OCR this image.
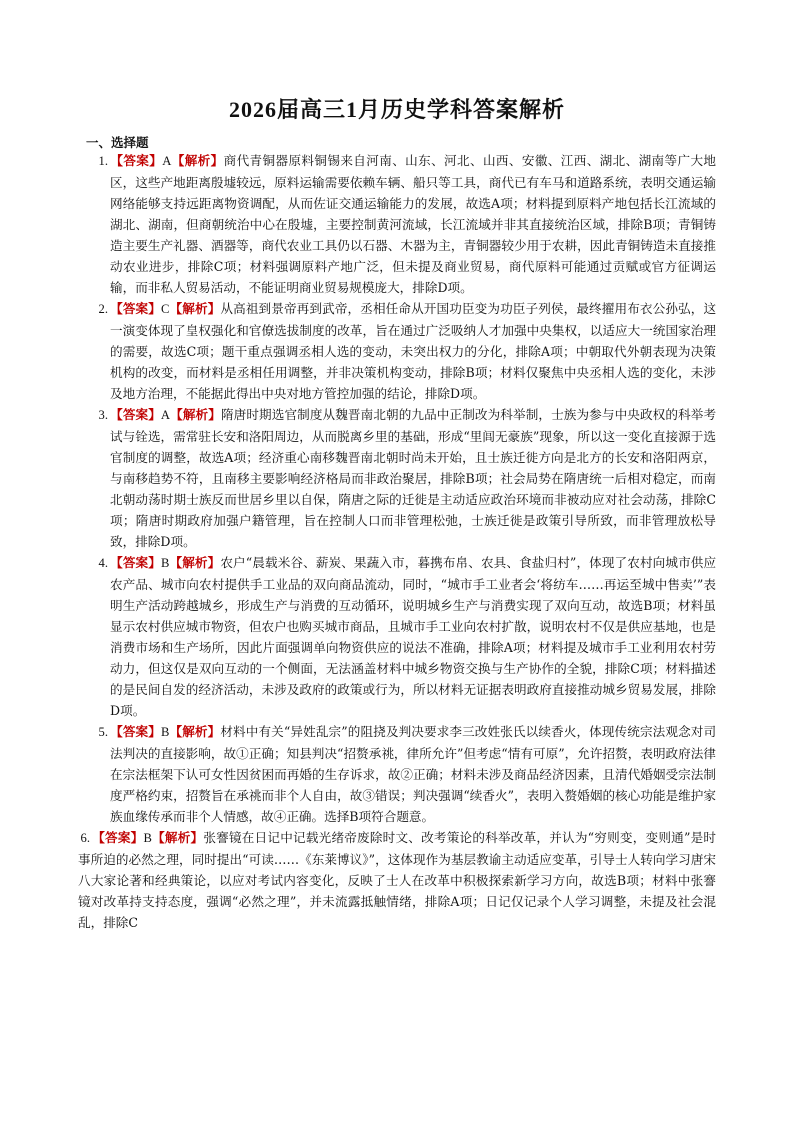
2026届高三1月历史学科答案解析
一、选择题

1. 【答案】A【解析】商代青铜器原料铜锡来自河南、山东、河北、山西、安徽、江西、湖北、湖南等广大地区，这些产地距离殷墟较远，原料运输需要依赖车辆、船只等工具，商代已有车马和道路系统，表明交通运输网络能够支持远距离物资调配，从而佐证交通运输能力的发展，故选A项；材料提到原料产地包括长江流域的湖北、湖南，但商朝统治中心在殷墟，主要控制黄河流域，长江流域并非其直接统治区域，排除B项；青铜铸造主要生产礼器、酒器等，商代农业工具仍以石器、木器为主，青铜器较少用于农耕，因此青铜铸造未直接推动农业进步，排除C项；材料强调原料产地广泛，但未提及商业贸易，商代原料可能通过贡赋或官方征调运输，而非私人贸易活动，不能证明商业贸易规模庞大，排除D项。

2. 【答案】C【解析】从高祖到景帝再到武帝，丞相任命从开国功臣变为功臣子列侯，最终擢用布衣公孙弘，这一演变体现了皇权强化和官僚选拔制度的改革，旨在通过广泛吸纳人才加强中央集权，以适应大一统国家治理的需要，故选C项；题干重点强调丞相人选的变动，未突出权力的分化，排除A项；中朝取代外朝表现为决策机构的改变，而材料是丞相任用调整，并非决策机构变动，排除B项；材料仅聚焦中央丞相人选的变化，未涉及地方治理，不能据此得出中央对地方管控加强的结论，排除D项。

3. 【答案】A【解析】隋唐时期选官制度从魏晋南北朝的九品中正制改为科举制，士族为参与中央政权的科举考试与铨选，需常驻长安和洛阳周边，从而脱离乡里的基础，形成“里闾无豪族”现象，所以这一变化直接源于选官制度的调整，故选A项；经济重心南移魏晋南北朝时尚未开始，且士族迁徙方向是北方的长安和洛阳两京，与南移趋势不符，且南移主要影响经济格局而非政治聚居，排除B项；社会局势在隋唐统一后相对稳定，而南北朝动荡时期士族反而世居乡里以自保，隋唐之际的迁徙是主动适应政治环境而非被动应对社会动荡，排除C项；隋唐时期政府加强户籍管理，旨在控制人口而非管理松弛，士族迁徙是政策引导所致，而非管理放松导致，排除D项。

4. 【答案】B【解析】农户“晨载米谷、薪炭、果蔬入市，暮携布帛、农具、食盐归村”，体现了农村向城市供应农产品、城市向农村提供手工业品的双向商品流动，同时，“城市手工业者会‘将纺车……再运至城中售卖’”表明生产活动跨越城乡，形成生产与消费的互动循环，说明城乡生产与消费实现了双向互动，故选B项；材料虽显示农村供应城市物资，但农户也购买城市商品，且城市手工业向农村扩散，说明农村不仅是供应基地，也是消费市场和生产场所，因此片面强调单向物资供应的说法不准确，排除A项；材料提及城市手工业利用农村劳动力，但这仅是双向互动的一个侧面，无法涵盖材料中城乡物资交换与生产协作的全貌，排除C项；材料描述的是民间自发的经济活动，未涉及政府的政策或行为，所以材料无证据表明政府直接推动城乡贸易发展，排除D项。

5. 【答案】B【解析】材料中有关“异姓乱宗”的阻挠及判决要求李三改姓张氏以续香火，体现传统宗法观念对司法判决的直接影响，故①正确；知县判决“招赘承祧，律所允许”但考虑“情有可原”，允许招赘，表明政府法律在宗法框架下认可女性因贫困而再婚的生存诉求，故②正确；材料未涉及商品经济因素，且清代婚姻受宗法制度严格约束，招赘旨在承祧而非个人自由，故③错误；判决强调“续香火”，表明入赘婚姻的核心功能是维护家族血缘传承而非个人情感，故④正确。选择B项符合题意。

6. 【答案】B【解析】张謇镜在日记中记载光绪帝废除时文、改考策论的科举改革，并认为“穷则变，变则通”是时事所迫的必然之理，同时提出“可读……《东莱博议》”，这体现作为基层教谕主动适应变革，引导士人转向学习唐宋八大家论著和经典策论，以应对考试内容变化，反映了士人在改革中积极探索新学习方向，故选B项；材料中张謇镜对改革持支持态度，强调“必然之理”，并未流露抵触情绪，排除A项；日记仅记录个人学习调整，未提及社会混乱，排除C
